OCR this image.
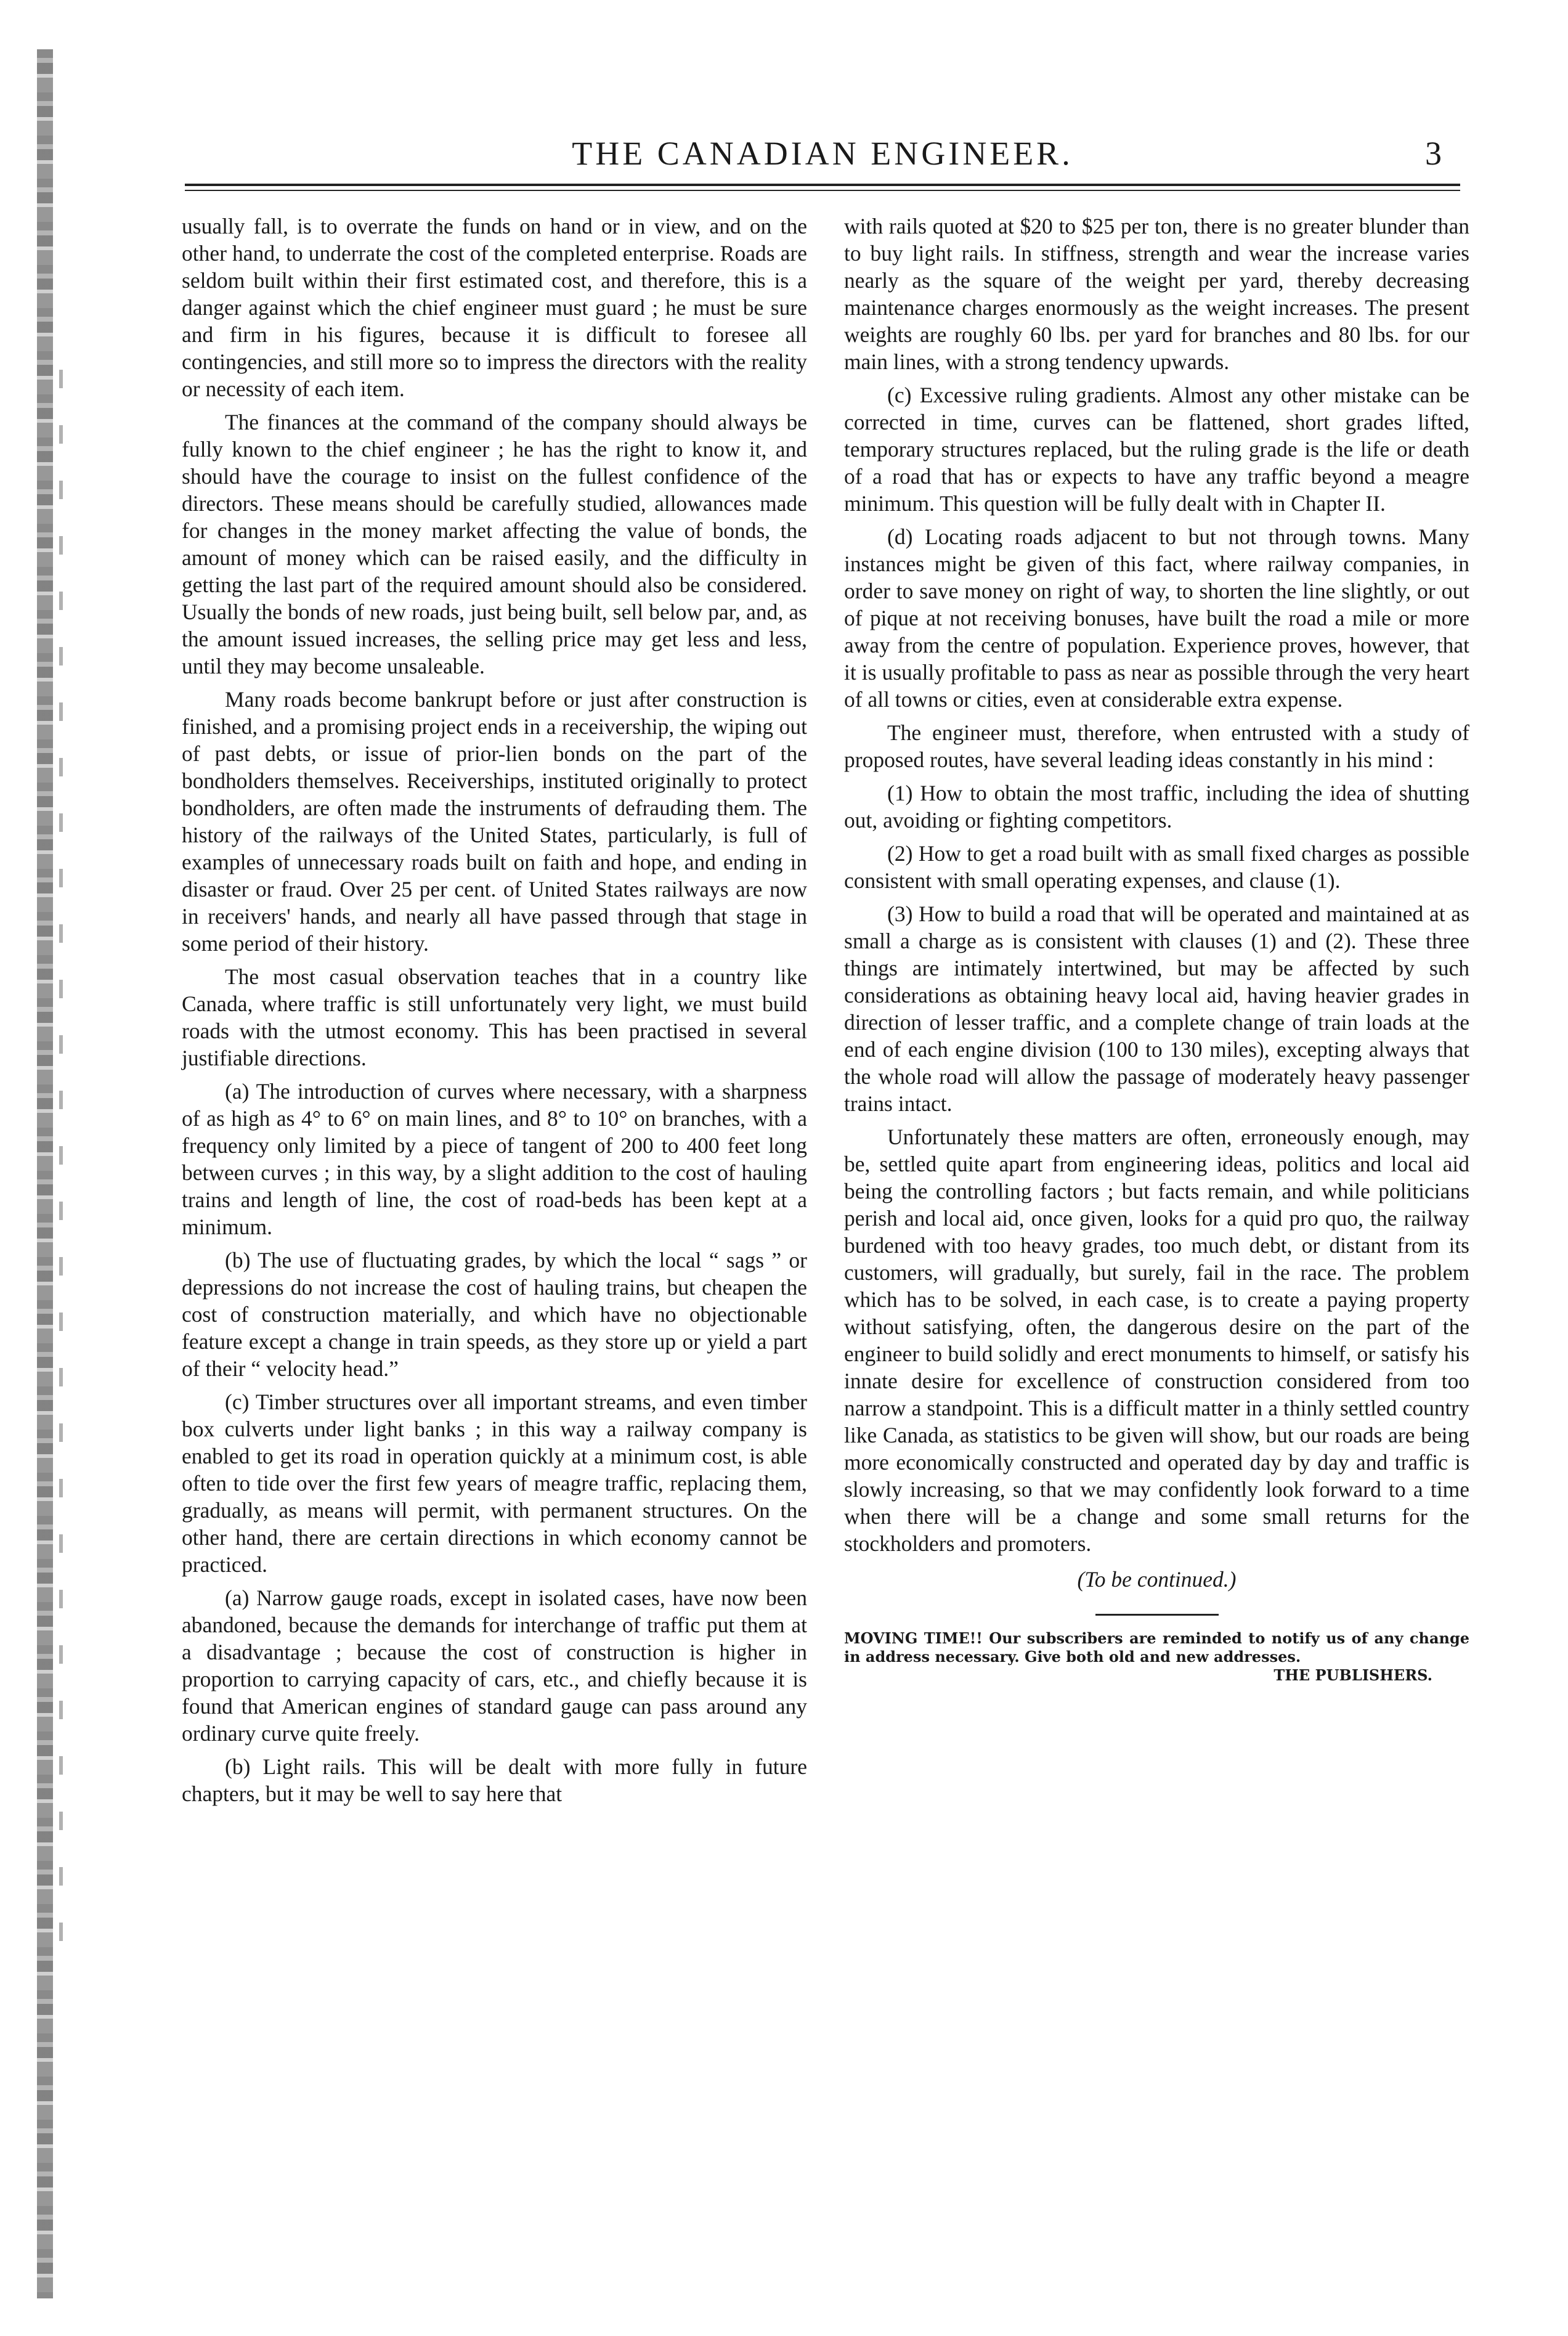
THE CANADIAN ENGINEER.	3

usually fall, is to overrate the funds on hand or in view, and on the other hand, to underrate the cost of the completed enterprise. Roads are seldom built within their first estimated cost, and therefore, this is a danger against which the chief engineer must guard ; he must be sure and firm in his figures, because it is difficult to foresee all contingencies, and still more so to impress the directors with the reality or necessity of each item.

The finances at the command of the company should always be fully known to the chief engineer ; he has the right to know it, and should have the courage to insist on the fullest confidence of the directors. These means should be carefully studied, allowances made for changes in the money market affecting the value of bonds, the amount of money which can be raised easily, and the difficulty in getting the last part of the required amount should also be considered. Usually the bonds of new roads, just being built, sell below par, and, as the amount issued increases, the selling price may get less and less, until they may become unsaleable.

Many roads become bankrupt before or just after construction is finished, and a promising project ends in a receivership, the wiping out of past debts, or issue of prior-lien bonds on the part of the bondholders themselves. Receiverships, instituted originally to protect bondholders, are often made the instruments of defrauding them. The history of the railways of the United States, particularly, is full of examples of unnecessary roads built on faith and hope, and ending in disaster or fraud. Over 25 per cent. of United States railways are now in receivers' hands, and nearly all have passed through that stage in some period of their history.

The most casual observation teaches that in a country like Canada, where traffic is still unfortunately very light, we must build roads with the utmost economy. This has been practised in several justifiable directions.

(a) The introduction of curves where necessary, with a sharpness of as high as 4° to 6° on main lines, and 8° to 10° on branches, with a frequency only limited by a piece of tangent of 200 to 400 feet long between curves ; in this way, by a slight addition to the cost of hauling trains and length of line, the cost of road-beds has been kept at a minimum.

(b) The use of fluctuating grades, by which the local “ sags ” or depressions do not increase the cost of hauling trains, but cheapen the cost of construction materially, and which have no objectionable feature except a change in train speeds, as they store up or yield a part of their “ velocity head.”

(c) Timber structures over all important streams, and even timber box culverts under light banks ; in this way a railway company is enabled to get its road in operation quickly at a minimum cost, is able often to tide over the first few years of meagre traffic, replacing them, gradually, as means will permit, with permanent structures. On the other hand, there are certain directions in which economy cannot be practiced.

(a) Narrow gauge roads, except in isolated cases, have now been abandoned, because the demands for interchange of traffic put them at a disadvantage ; because the cost of construction is higher in proportion to carrying capacity of cars, etc., and chiefly because it is found that American engines of standard gauge can pass around any ordinary curve quite freely.

(b) Light rails. This will be dealt with more fully in future chapters, but it may be well to say here that

with rails quoted at $20 to $25 per ton, there is no greater blunder than to buy light rails. In stiffness, strength and wear the increase varies nearly as the square of the weight per yard, thereby decreasing maintenance charges enormously as the weight increases. The present weights are roughly 60 lbs. per yard for branches and 80 lbs. for our main lines, with a strong tendency upwards.

(c) Excessive ruling gradients. Almost any other mistake can be corrected in time, curves can be flattened, short grades lifted, temporary structures replaced, but the ruling grade is the life or death of a road that has or expects to have any traffic beyond a meagre minimum. This question will be fully dealt with in Chapter II.

(d) Locating roads adjacent to but not through towns. Many instances might be given of this fact, where railway companies, in order to save money on right of way, to shorten the line slightly, or out of pique at not receiving bonuses, have built the road a mile or more away from the centre of population. Experience proves, however, that it is usually profitable to pass as near as possible through the very heart of all towns or cities, even at considerable extra expense.

The engineer must, therefore, when entrusted with a study of proposed routes, have several leading ideas constantly in his mind :

(1) How to obtain the most traffic, including the idea of shutting out, avoiding or fighting competitors.

(2) How to get a road built with as small fixed charges as possible consistent with small operating expenses, and clause (1).

(3) How to build a road that will be operated and maintained at as small a charge as is consistent with clauses (1) and (2). These three things are intimately intertwined, but may be affected by such considerations as obtaining heavy local aid, having heavier grades in direction of lesser traffic, and a complete change of train loads at the end of each engine division (100 to 130 miles), excepting always that the whole road will allow the passage of moderately heavy passenger trains intact.

Unfortunately these matters are often, erroneously enough, may be, settled quite apart from engineering ideas, politics and local aid being the controlling factors ; but facts remain, and while politicians perish and local aid, once given, looks for a quid pro quo, the railway burdened with too heavy grades, too much debt, or distant from its customers, will gradually, but surely, fail in the race. The problem which has to be solved, in each case, is to create a paying property without satisfying, often, the dangerous desire on the part of the engineer to build solidly and erect monuments to himself, or satisfy his innate desire for excellence of construction considered from too narrow a standpoint. This is a difficult matter in a thinly settled country like Canada, as statistics to be given will show, but our roads are being more economically constructed and operated day by day and traffic is slowly increasing, so that we may confidently look forward to a time when there will be a change and some small returns for the stockholders and promoters.

(To be continued.)

MOVING TIME!! Our subscribers are reminded to notify us of any change in address necessary. Give both old and new addresses.
THE PUBLISHERS.
